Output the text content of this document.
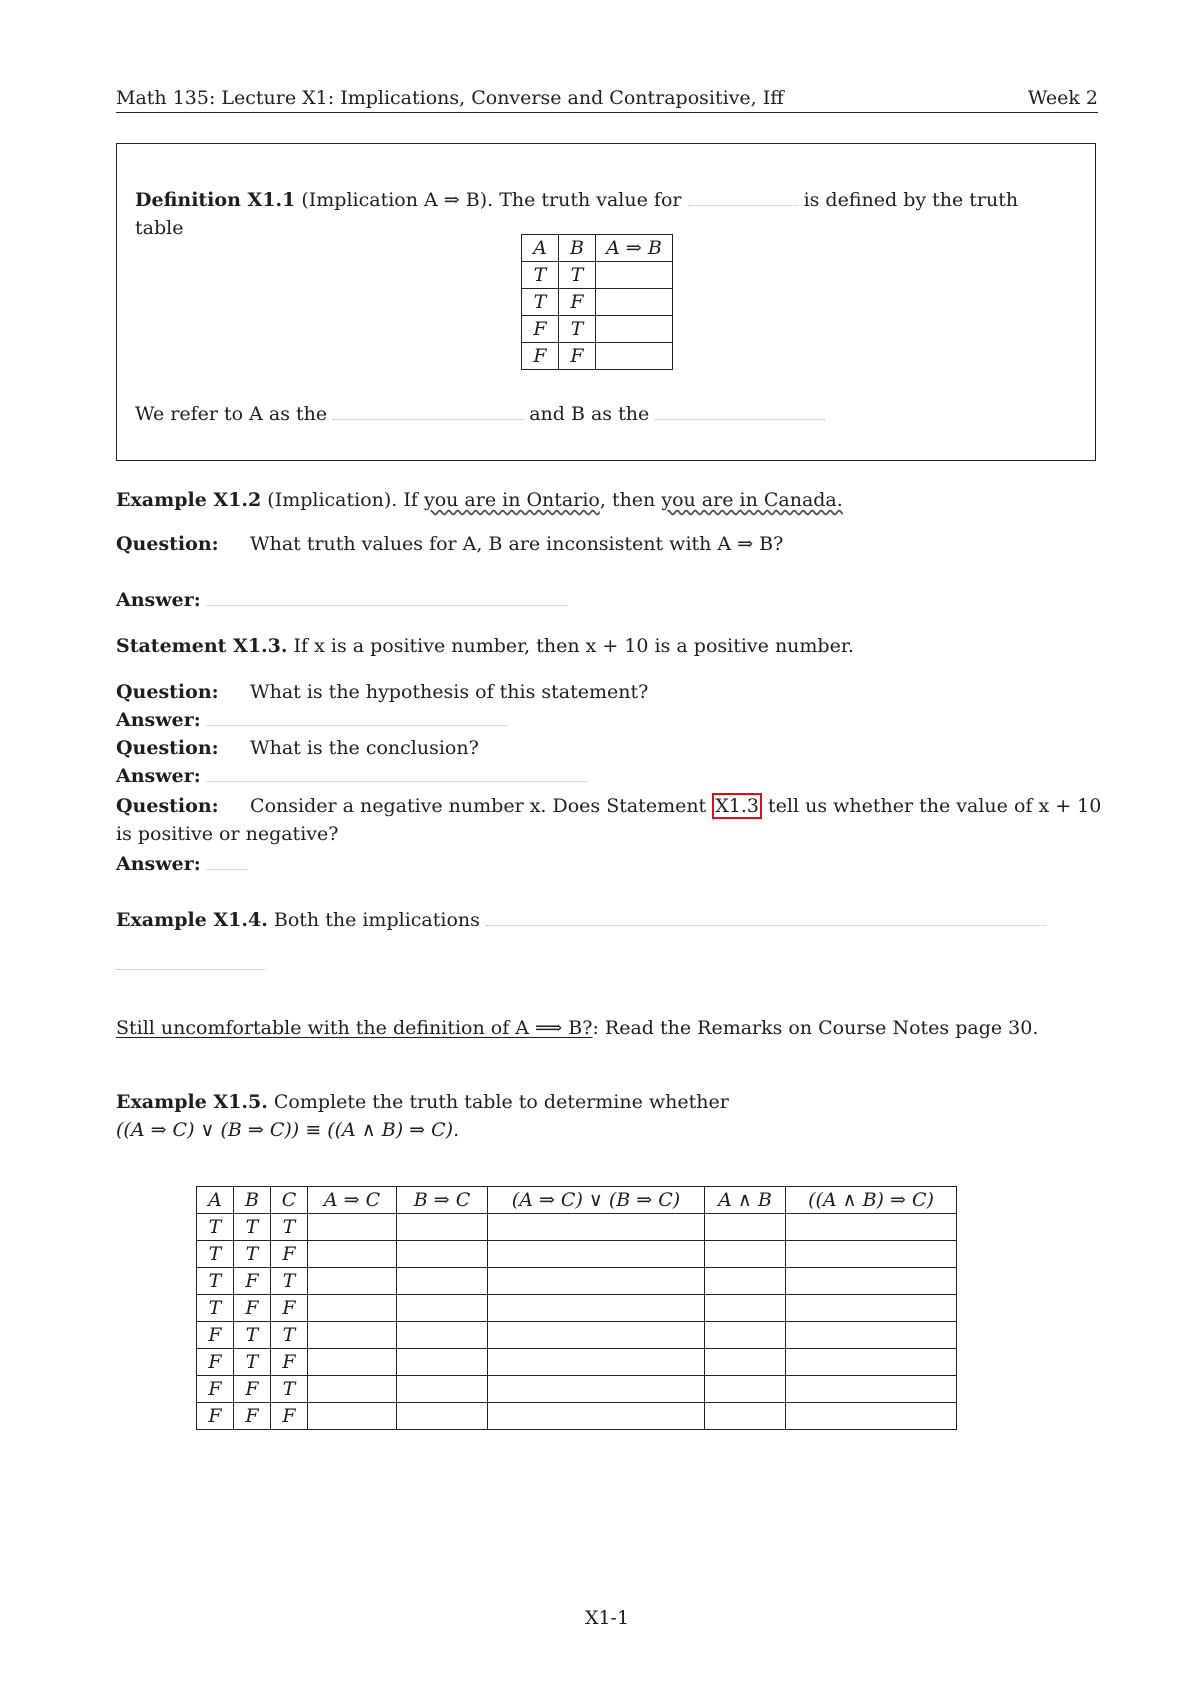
Math 135: Lecture X1: Implications, Converse and Contrapositive, Iff	Week 2
Definition X1.1 (Implication A ⇒ B). The truth value for	is defined by the truth
table
A	B	A ⇒ B
T	T	
T	F	
F	T	
F	F	
We refer to A as the	and B as the
Example X1.2 (Implication). If you are in Ontario, then you are in Canada.
Question: What truth values for A, B are inconsistent with A ⇒ B?
Answer:
Statement X1.3. If x is a positive number, then x + 10 is a positive number.
Question: What is the hypothesis of this statement?
Answer:
Question: What is the conclusion?
Answer:
Question: Consider a negative number x. Does Statement X1.3 tell us whether the value of x + 10
is positive or negative?
Answer:
Example X1.4. Both the implications
Still uncomfortable with the definition of A ⟹ B?: Read the Remarks on Course Notes page 30.
Example X1.5. Complete the truth table to determine whether
((A ⇒ C) ∨ (B ⇒ C)) ≡ ((A ∧ B) ⇒ C).
A	B	C	A ⇒ C	B ⇒ C	(A ⇒ C) ∨ (B ⇒ C)	A ∧ B	((A ∧ B) ⇒ C)
T	T	T					
T	T	F					
T	F	T					
T	F	F					
F	T	T					
F	T	F					
F	F	T					
F	F	F					
X1-1
